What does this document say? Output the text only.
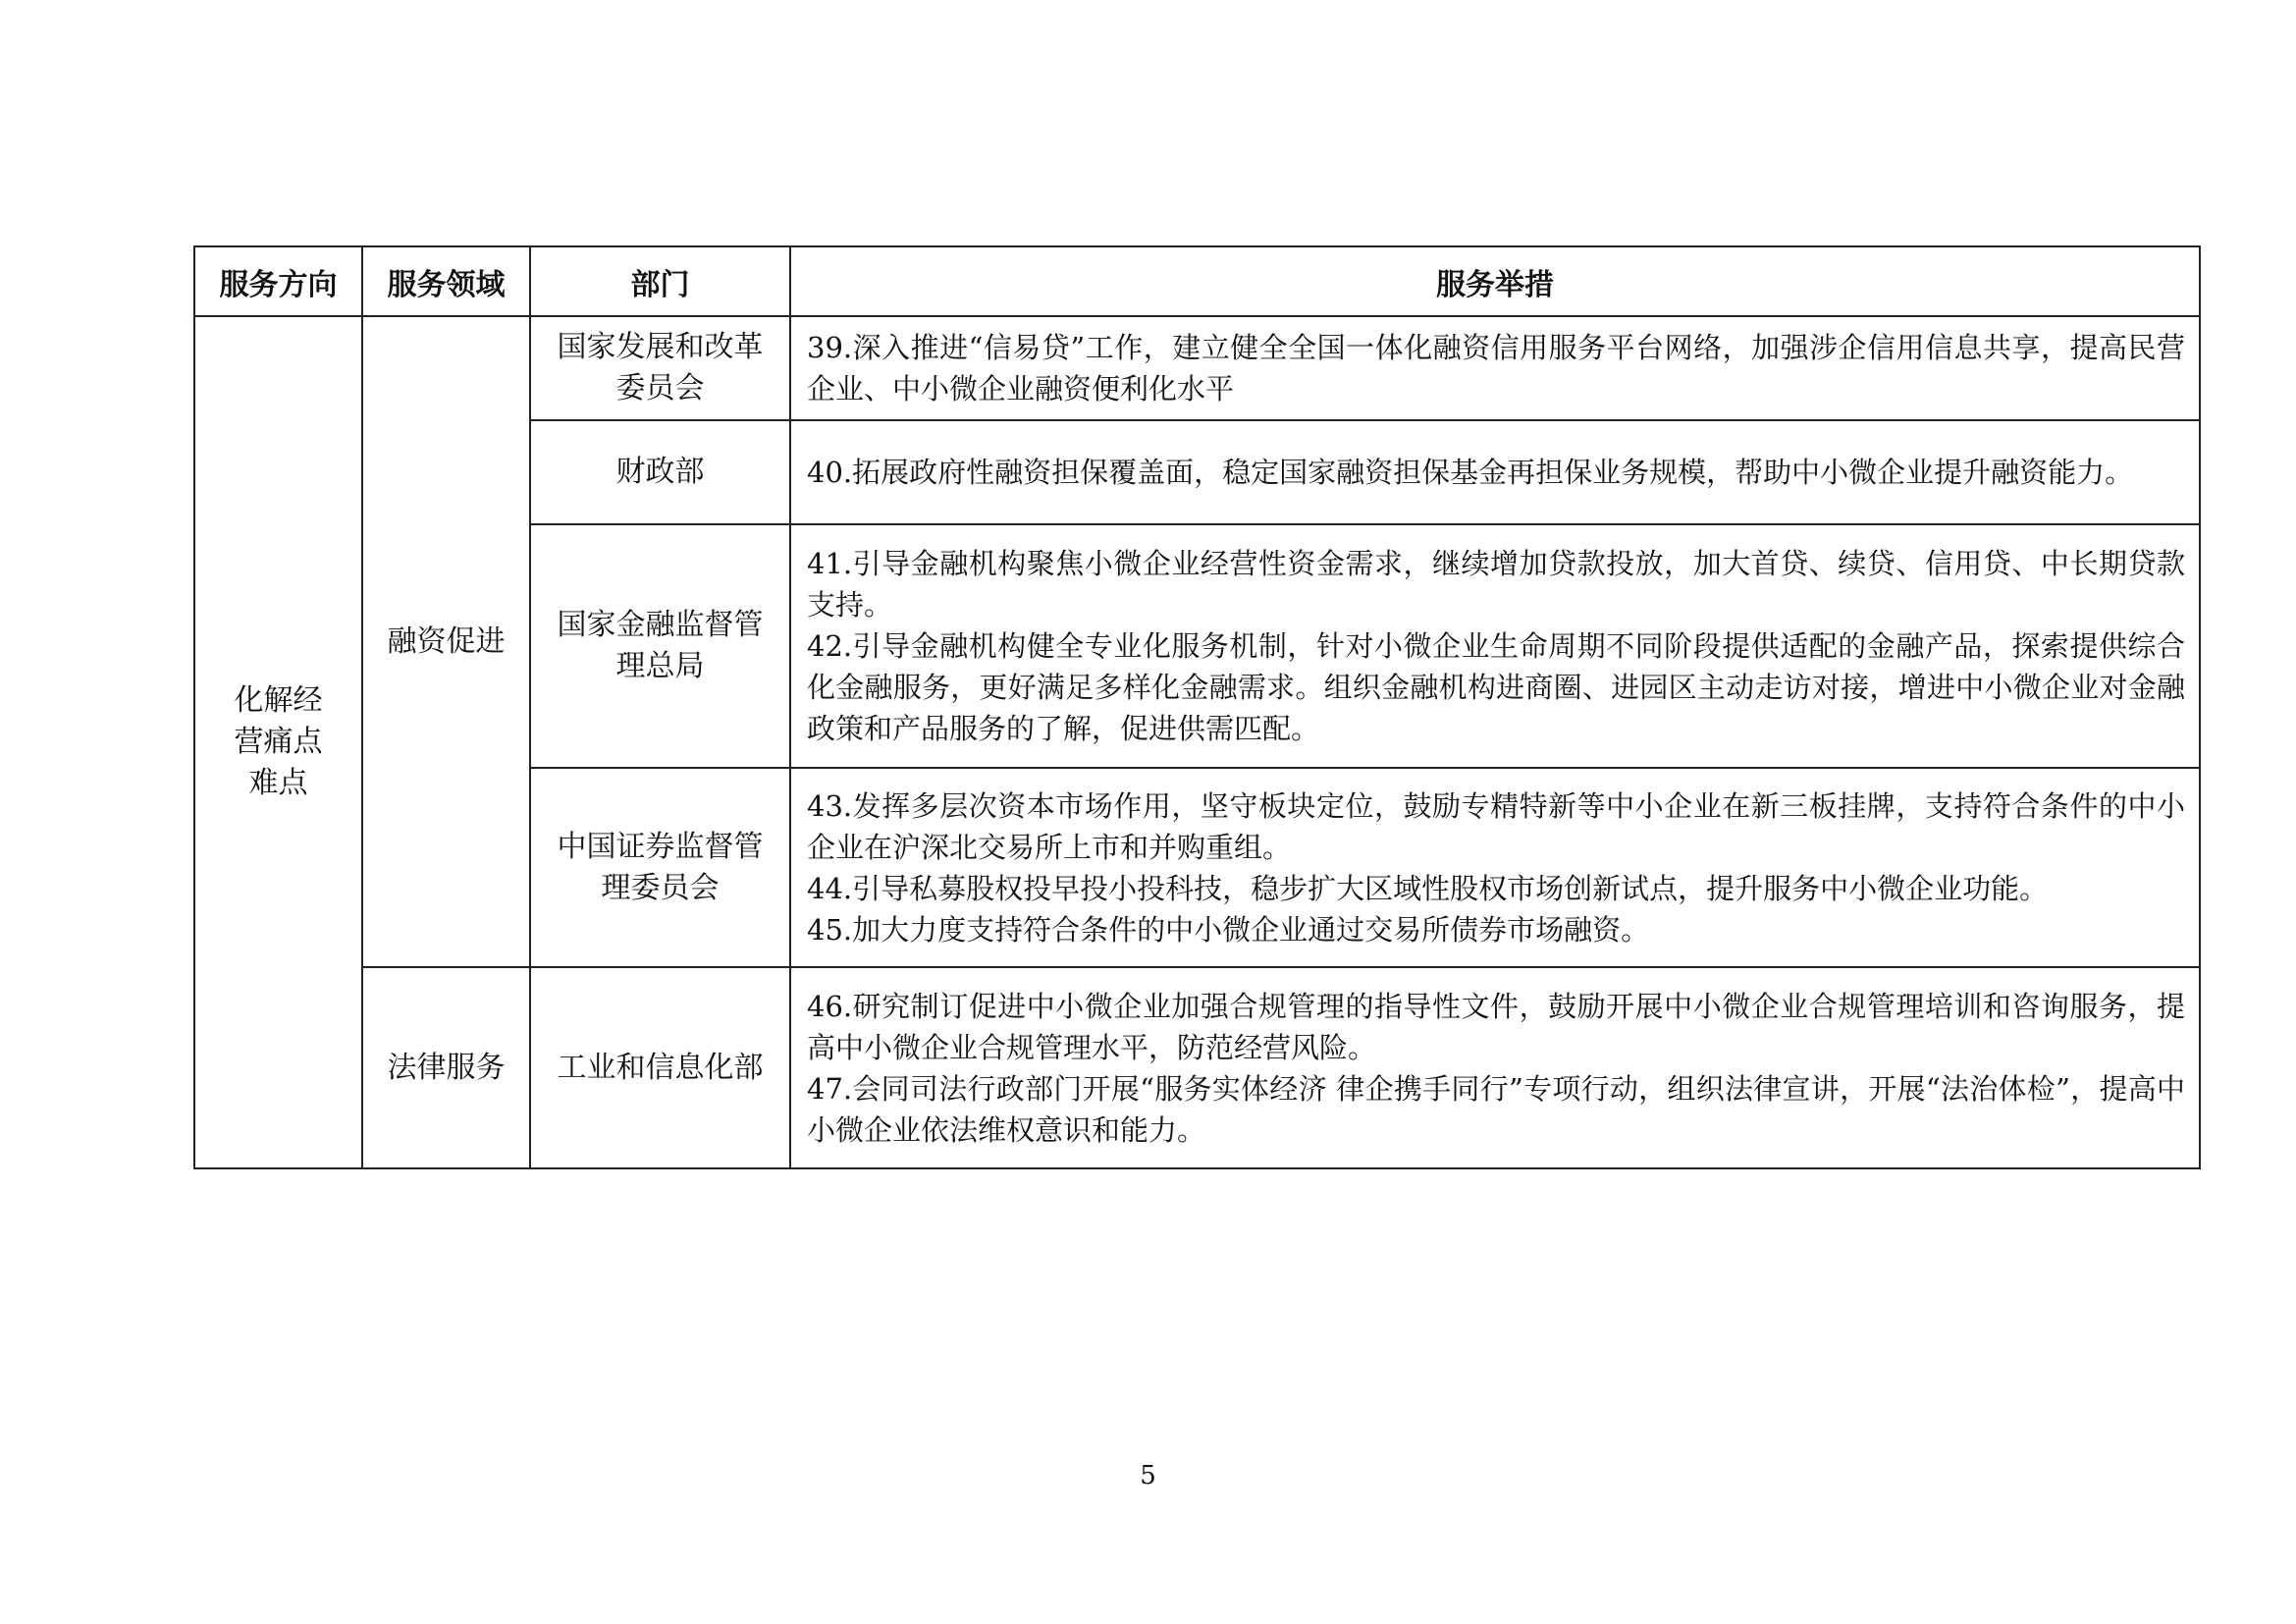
服务方向	服务领域	部门	服务举措
化解经营痛点难点	融资促进	国家发展和改革委员会	39.深入推进“信易贷”工作，建立健全全国一体化融资信用服务平台网络，加强涉企信用信息共享，提高民营企业、中小微企业融资便利化水平

		财政部	40.拓展政府性融资担保覆盖面，稳定国家融资担保基金再担保业务规模，帮助中小微企业提升融资能力。

		国家金融监督管理总局	41.引导金融机构聚焦小微企业经营性资金需求，继续增加贷款投放，加大首贷、续贷、信用贷、中长期贷款支持。
42.引导金融机构健全专业化服务机制，针对小微企业生命周期不同阶段提供适配的金融产品，探索提供综合化金融服务，更好满足多样化金融需求。组织金融机构进商圈、进园区主动走访对接，增进中小微企业对金融政策和产品服务的了解，促进供需匹配。

		中国证券监督管理委员会	43.发挥多层次资本市场作用，坚守板块定位，鼓励专精特新等中小企业在新三板挂牌，支持符合条件的中小企业在沪深北交易所上市和并购重组。
44.引导私募股权投早投小投科技，稳步扩大区域性股权市场创新试点，提升服务中小微企业功能。
45.加大力度支持符合条件的中小微企业通过交易所债券市场融资。

	法律服务	工业和信息化部	46.研究制订促进中小微企业加强合规管理的指导性文件，鼓励开展中小微企业合规管理培训和咨询服务，提高中小微企业合规管理水平，防范经营风险。
47.会同司法行政部门开展“服务实体经济 律企携手同行”专项行动，组织法律宣讲，开展“法治体检”，提高中小微企业依法维权意识和能力。
5
